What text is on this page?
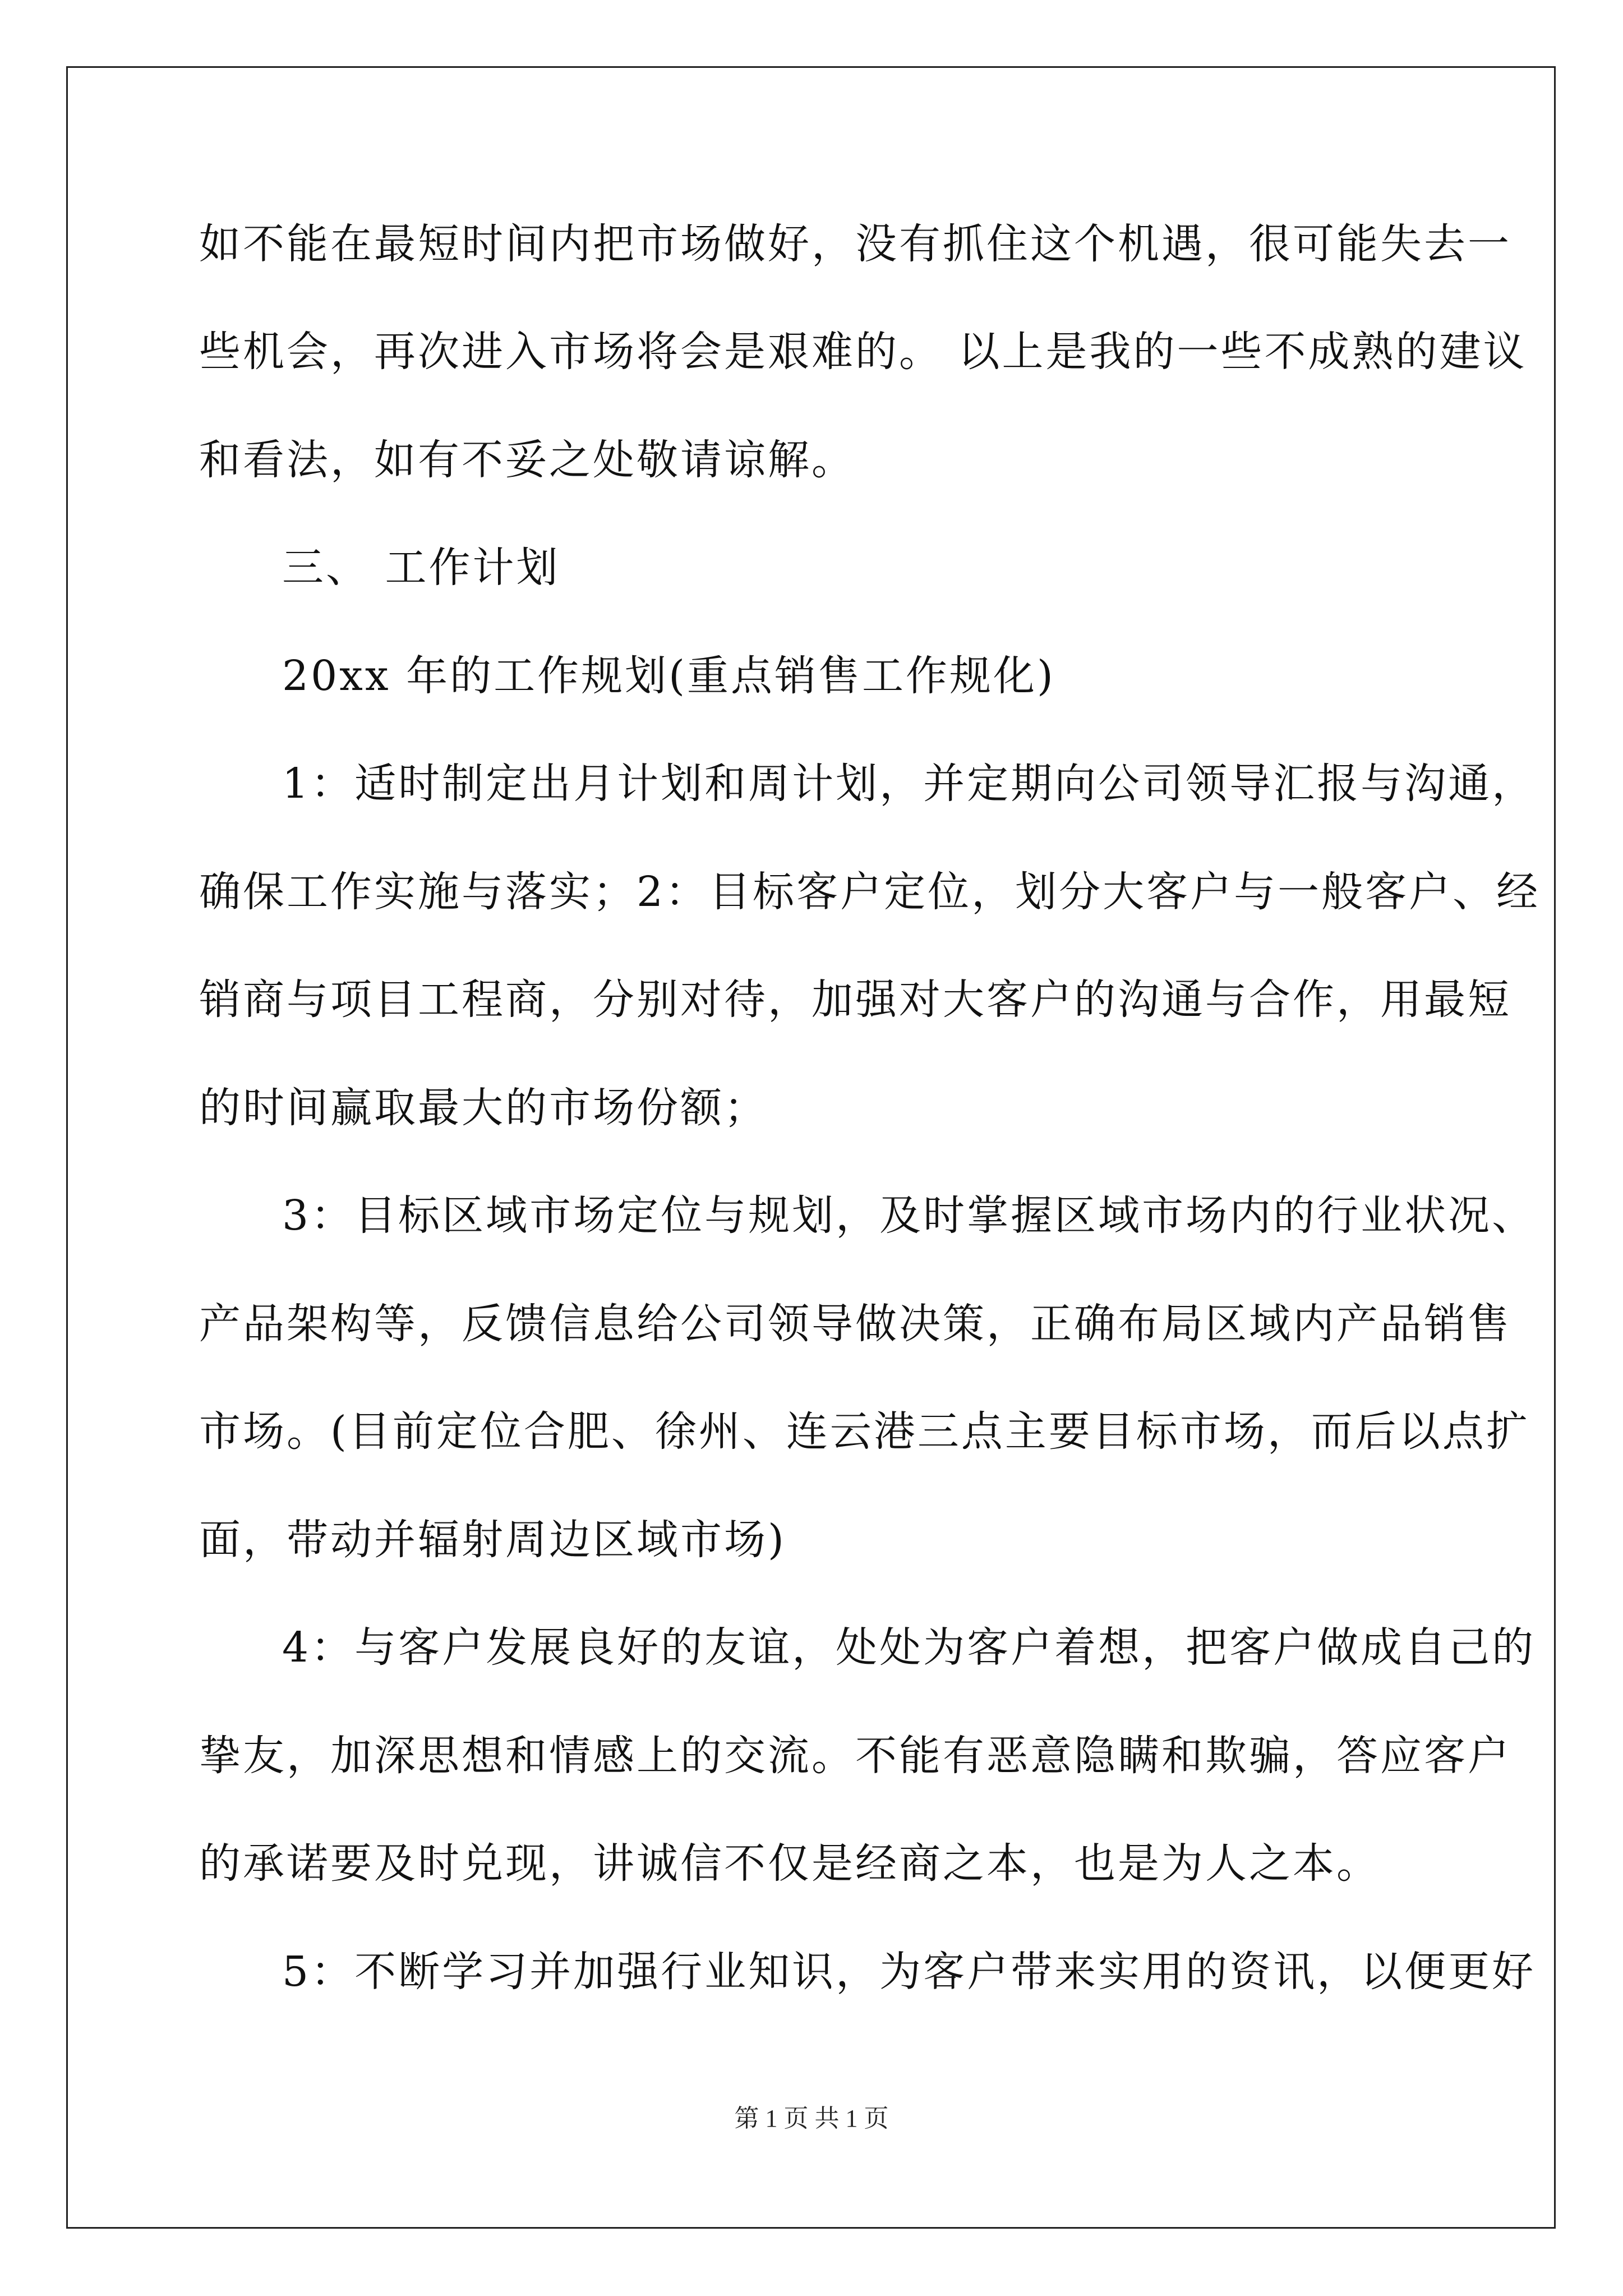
如不能在最短时间内把市场做好，没有抓住这个机遇，很可能失去一
些机会，再次进入市场将会是艰难的。 以上是我的一些不成熟的建议
和看法，如有不妥之处敬请谅解。
三、 工作计划
20xx 年的工作规划(重点销售工作规化)
1：适时制定出月计划和周计划，并定期向公司领导汇报与沟通，
确保工作实施与落实；2：目标客户定位，划分大客户与一般客户、经
销商与项目工程商，分别对待，加强对大客户的沟通与合作，用最短
的时间赢取最大的市场份额；
3：目标区域市场定位与规划，及时掌握区域市场内的行业状况、
产品架构等，反馈信息给公司领导做决策，正确布局区域内产品销售
市场。(目前定位合肥、徐州、连云港三点主要目标市场，而后以点扩
面，带动并辐射周边区域市场)
4：与客户发展良好的友谊，处处为客户着想，把客户做成自己的
挚友，加深思想和情感上的交流。不能有恶意隐瞒和欺骗，答应客户
的承诺要及时兑现，讲诚信不仅是经商之本，也是为人之本。
5：不断学习并加强行业知识，为客户带来实用的资讯，以便更好
第 1 页 共 1 页
